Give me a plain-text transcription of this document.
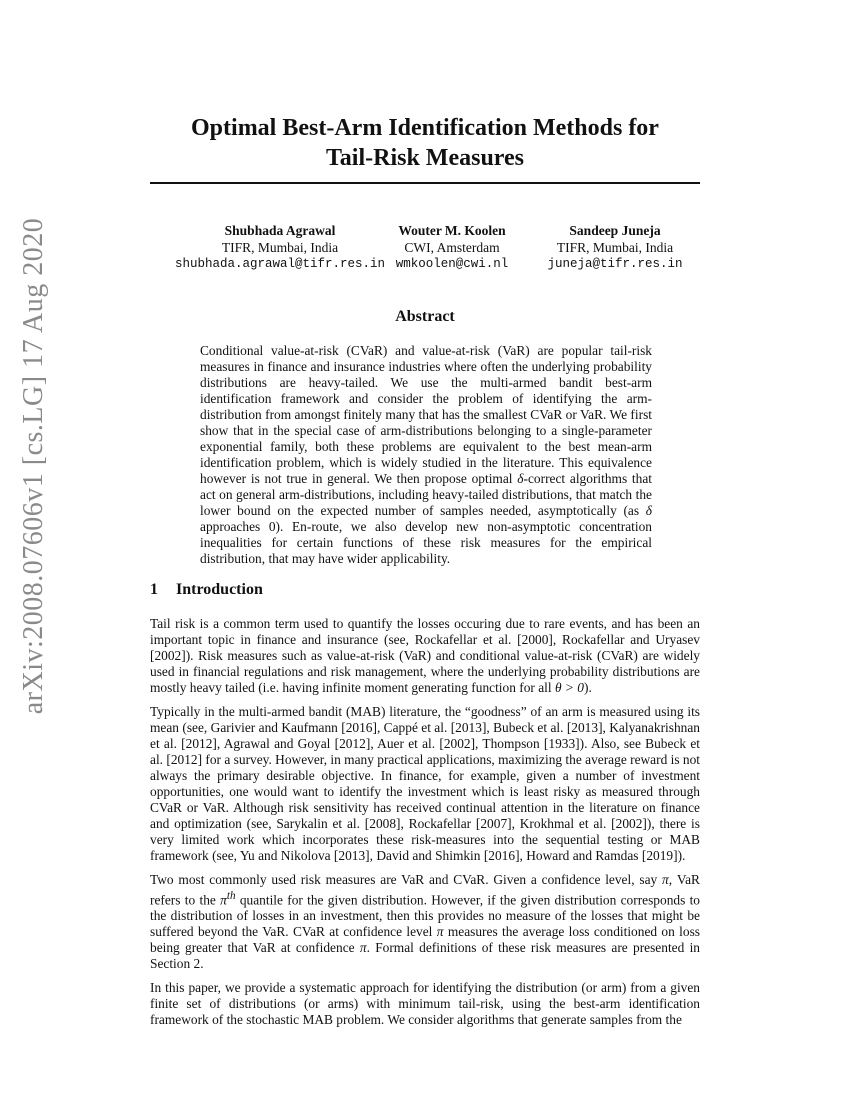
arXiv:2008.07606v1 [cs.LG] 17 Aug 2020
Optimal Best-Arm Identification Methods for
Tail-Risk Measures
Shubhada Agrawal
TIFR, Mumbai, India
shubhada.agrawal@tifr.res.in
Wouter M. Koolen
CWI, Amsterdam
wmkoolen@cwi.nl
Sandeep Juneja
TIFR, Mumbai, India
juneja@tifr.res.in
Abstract

Conditional value-at-risk (CVaR) and value-at-risk (VaR) are popular tail-risk measures in finance and insurance industries where often the underlying probability distributions are heavy-tailed. We use the multi-armed bandit best-arm identification framework and consider the problem of identifying the arm-distribution from amongst finitely many that has the smallest CVaR or VaR. We first show that in the special case of arm-distributions belonging to a single-parameter exponential family, both these problems are equivalent to the best mean-arm identification problem, which is widely studied in the literature. This equivalence however is not true in general. We then propose optimal δ-correct algorithms that act on general arm-distributions, including heavy-tailed distributions, that match the lower bound on the expected number of samples needed, asymptotically (as δ approaches 0). En-route, we also develop new non-asymptotic concentration inequalities for certain functions of these risk measures for the empirical distribution, that may have wider applicability.

1 Introduction

Tail risk is a common term used to quantify the losses occuring due to rare events, and has been an important topic in finance and insurance (see, Rockafellar et al. [2000], Rockafellar and Uryasev [2002]). Risk measures such as value-at-risk (VaR) and conditional value-at-risk (CVaR) are widely used in financial regulations and risk management, where the underlying probability distributions are mostly heavy tailed (i.e. having infinite moment generating function for all θ > 0).

Typically in the multi-armed bandit (MAB) literature, the “goodness” of an arm is measured using its mean (see, Garivier and Kaufmann [2016], Cappé et al. [2013], Bubeck et al. [2013], Kalyanakrishnan et al. [2012], Agrawal and Goyal [2012], Auer et al. [2002], Thompson [1933]). Also, see Bubeck et al. [2012] for a survey. However, in many practical applications, maximizing the average reward is not always the primary desirable objective. In finance, for example, given a number of investment opportunities, one would want to identify the investment which is least risky as measured through CVaR or VaR. Although risk sensitivity has received continual attention in the literature on finance and optimization (see, Sarykalin et al. [2008], Rockafellar [2007], Krokhmal et al. [2002]), there is very limited work which incorporates these risk-measures into the sequential testing or MAB framework (see, Yu and Nikolova [2013], David and Shimkin [2016], Howard and Ramdas [2019]).

Two most commonly used risk measures are VaR and CVaR. Given a confidence level, say π, VaR refers to the $\pi^{th}$ quantile for the given distribution. However, if the given distribution corresponds to the distribution of losses in an investment, then this provides no measure of the losses that might be suffered beyond the VaR. CVaR at confidence level π measures the average loss conditioned on loss being greater that VaR at confidence π. Formal definitions of these risk measures are presented in Section 2.

In this paper, we provide a systematic approach for identifying the distribution (or arm) from a given finite set of distributions (or arms) with minimum tail-risk, using the best-arm identification framework of the stochastic MAB problem. We consider algorithms that generate samples from the
